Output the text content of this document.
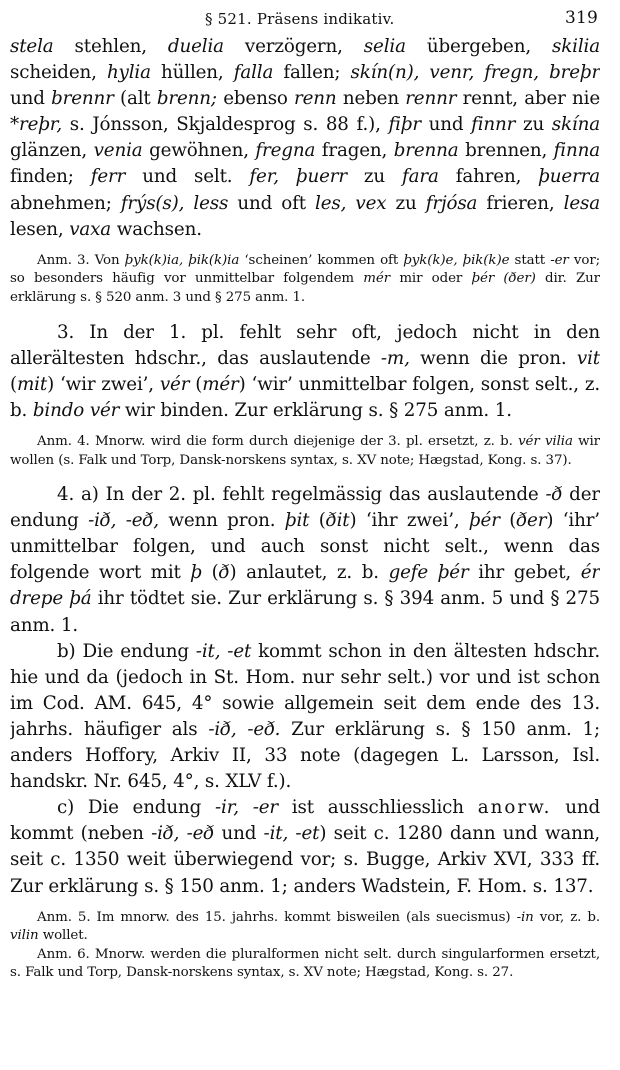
§ 521. Präsens indikativ.	319

stela stehlen, duelia verzögern, selia übergeben, skilia scheiden, hylia hüllen, falla fallen; skín(n), venr, fregn, breþr und brennr (alt brenn; ebenso renn neben rennr rennt, aber nie *reþr, s. Jónsson, Skjaldesprog s. 88 f.), fiþr und finnr zu skína glänzen, venia gewöhnen, fregna fragen, brenna brennen, finna finden; ferr und selt. fer, þuerr zu fara fahren, þuerra abnehmen; frýs(s), less und oft les, vex zu frjósa frieren, lesa lesen, vaxa wachsen.

Anm. 3. Von þyk(k)ia, þik(k)ia ‘scheinen’ kommen oft þyk(k)e, þik(k)e statt -er vor; so besonders häufig vor unmittelbar folgendem mér mir oder þér (ðer) dir. Zur erklärung s. § 520 anm. 3 und § 275 anm. 1.

3. In der 1. pl. fehlt sehr oft, jedoch nicht in den allerältesten hdschr., das auslautende -m, wenn die pron. vit (mit) ‘wir zwei’, vér (mér) ‘wir’ unmittelbar folgen, sonst selt., z. b. bindo vér wir binden. Zur erklärung s. § 275 anm. 1.

Anm. 4. Mnorw. wird die form durch diejenige der 3. pl. ersetzt, z. b. vér vilia wir wollen (s. Falk und Torp, Dansk-norskens syntax, s. XV note; Hægstad, Kong. s. 37).

4. a) In der 2. pl. fehlt regelmässig das auslautende -ð der endung -ið, -eð, wenn pron. þit (ðit) ‘ihr zwei’, þér (ðer) ‘ihr’ unmittelbar folgen, und auch sonst nicht selt., wenn das folgende wort mit þ (ð) anlautet, z. b. gefe þér ihr gebet, ér drepe þá ihr tödtet sie. Zur erklärung s. § 394 anm. 5 und § 275 anm. 1.

b) Die endung -it, -et kommt schon in den ältesten hdschr. hie und da (jedoch in St. Hom. nur sehr selt.) vor und ist schon im Cod. AM. 645, 4° sowie allgemein seit dem ende des 13. jahrhs. häufiger als -ið, -eð. Zur erklärung s. § 150 anm. 1; anders Hoffory, Arkiv II, 33 note (dagegen L. Larsson, Isl. handskr. Nr. 645, 4°, s. XLV f.).

c) Die endung -ir, -er ist ausschliesslich anorw. und kommt (neben -ið, -eð und -it, -et) seit c. 1280 dann und wann, seit c. 1350 weit überwiegend vor; s. Bugge, Arkiv XVI, 333 ff. Zur erklärung s. § 150 anm. 1; anders Wadstein, F. Hom. s. 137.

Anm. 5. Im mnorw. des 15. jahrhs. kommt bisweilen (als suecismus) -in vor, z. b. vilin wollet.

Anm. 6. Mnorw. werden die pluralformen nicht selt. durch singularformen ersetzt, s. Falk und Torp, Dansk-norskens syntax, s. XV note; Hægstad, Kong. s. 27.
